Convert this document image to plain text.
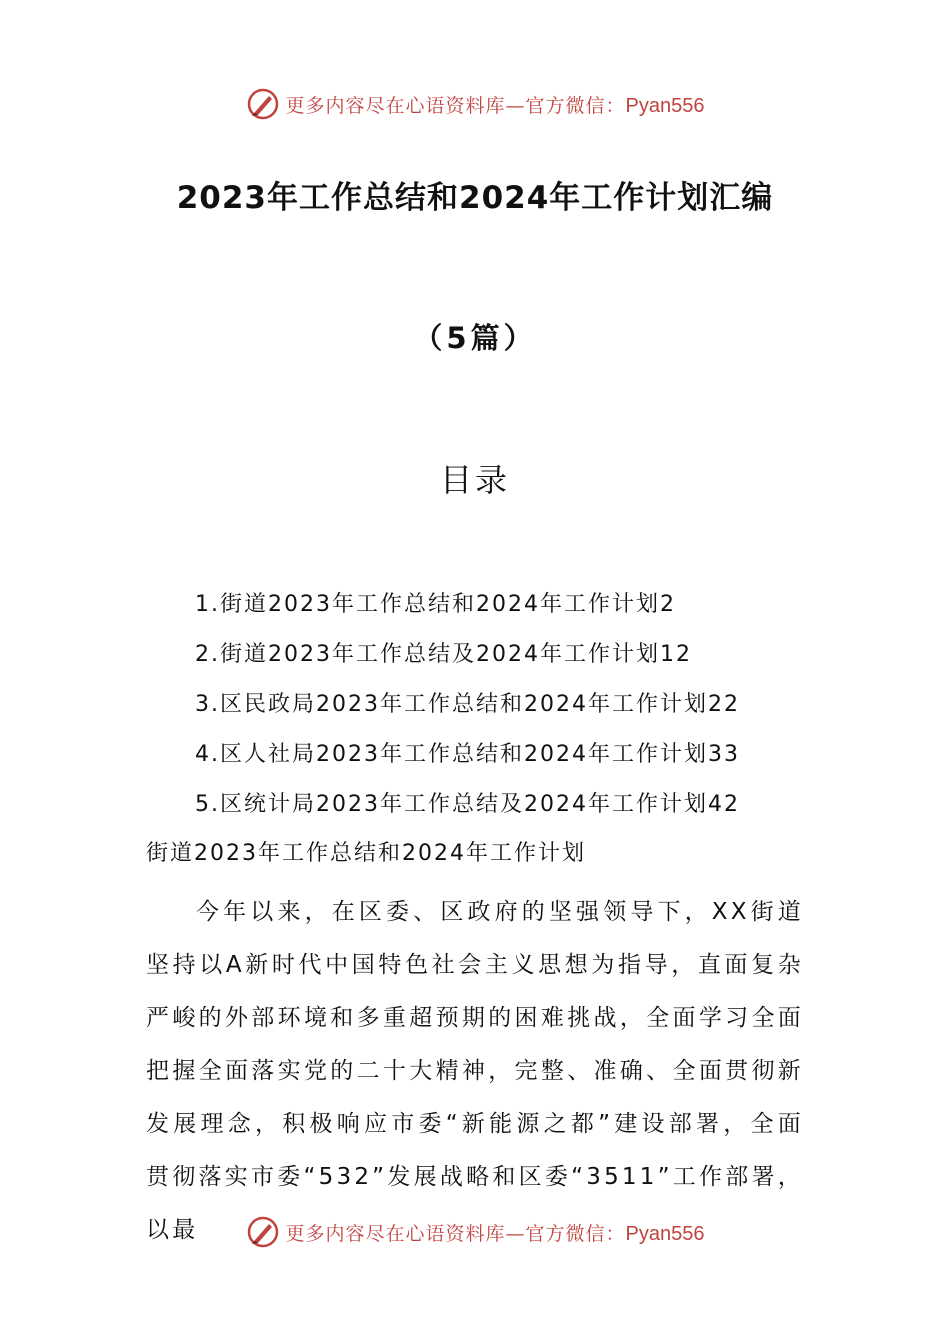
更多内容尽在心语资料库—官方微信：Pyan556
2023年工作总结和2024年工作计划汇编
（5篇）
目录
1.街道2023年工作总结和2024年工作计划2
2.街道2023年工作总结及2024年工作计划12
3.区民政局2023年工作总结和2024年工作计划22
4.区人社局2023年工作总结和2024年工作计划33
5.区统计局2023年工作总结及2024年工作计划42
街道2023年工作总结和2024年工作计划

今年以来，在区委、区政府的坚强领导下，XX街道坚持以A新时代中国特色社会主义思想为指导，直面复杂严峻的外部环境和多重超预期的困难挑战，全面学习全面把握全面落实党的二十大精神，完整、准确、全面贯彻新发展理念，积极响应市委“新能源之都”建设部署，全面贯彻落实市委“532”发展战略和区委“3511”工作部署，以最	更多内容尽在心语资料库—官方微信：Pyan556
